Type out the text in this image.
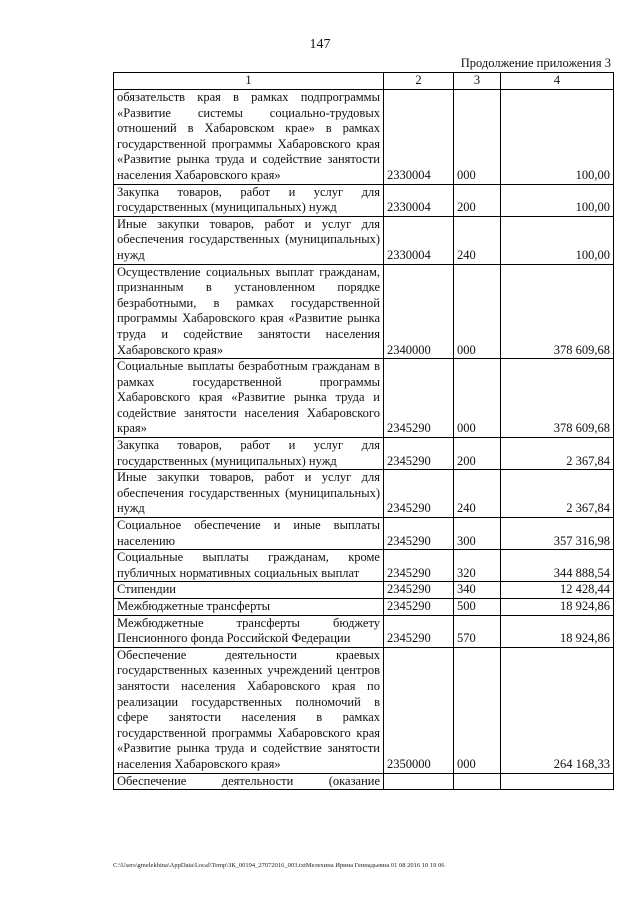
147
Продолжение приложения 3
1	2	3	4
обязательств края в рамках подпрограммы «Развитие системы социально-трудовых отношений в Хабаровском крае» в рамках государственной программы Хабаровского края «Развитие рынка труда и содействие занятости населения Хабаровского края»	2330004	000	100,00
Закупка товаров, работ и услуг для государственных (муниципальных) нужд	2330004	200	100,00
Иные закупки товаров, работ и услуг для обеспечения государственных (муниципальных) нужд	2330004	240	100,00
Осуществление социальных выплат гражданам, признанным в установленном порядке безработными, в рамках государственной программы Хабаровского края «Развитие рынка труда и содействие занятости населения Хабаровского края»	2340000	000	378 609,68
Социальные выплаты безработным гражданам в рамках государственной программы Хабаровского края «Развитие рынка труда и содействие занятости населения Хабаровского края»	2345290	000	378 609,68
Закупка товаров, работ и услуг для государственных (муниципальных) нужд	2345290	200	2 367,84
Иные закупки товаров, работ и услуг для обеспечения государственных (муниципальных) нужд	2345290	240	2 367,84
Социальное обеспечение и иные выплаты населению	2345290	300	357 316,98
Социальные выплаты гражданам, кроме публичных нормативных социальных выплат	2345290	320	344 888,54
Стипендии	2345290	340	12 428,44
Межбюджетные трансферты	2345290	500	18 924,86
Межбюджетные трансферты бюджету Пенсионного фонда Российской Федерации	2345290	570	18 924,86
Обеспечение деятельности краевых государственных казенных учреждений центров занятости населения Хабаровского края по реализации государственных полномочий в сфере занятости населения в рамках государственной программы Хабаровского края «Развитие рынка труда и содействие занятости населения Хабаровского края»	2350000	000	264 168,33
Обеспечение деятельности (оказание			
C:\Users\gmelekhina\AppData\Local\Temp\ЗК_00194_27072016_003.txtМелехина Ирина Геннадьевна 01 08 2016 10 19 06
